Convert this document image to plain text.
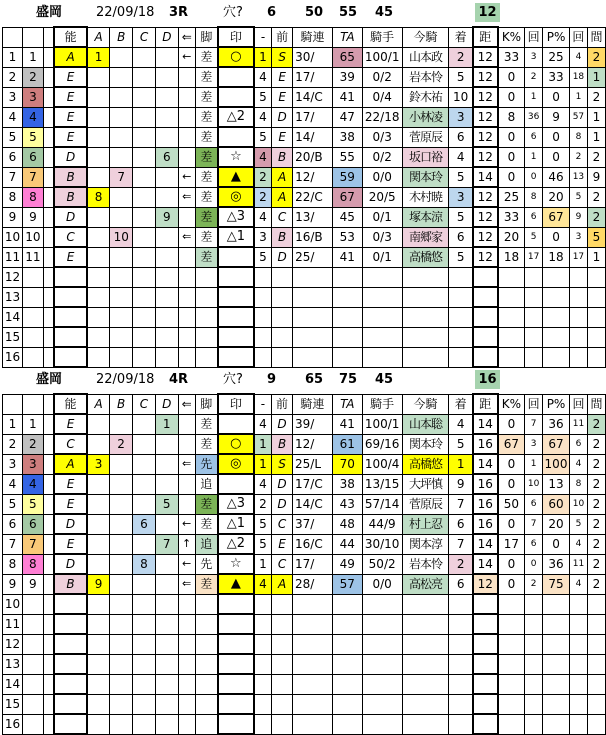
盛岡	22/09/18 3R	穴? 6	50	55	45	12
			能	A	B	C	D	⇐	脚	印	-	前	騎連	TA	騎手	今騎	着	距	K%	回	P%	回	間
1	1		A	1				←	差	○	1	S	30/	65	100/1	山本政	2	12	33	3	25	4	2
2	2		E						差		4	E	17/	39	0/2	岩本怜	5	12	0	2	33	18	1
3	3		E						差		5	E	14/C	41	0/4	鈴木祐	10	12	0	1	0	1	2
4	4		E						差	△2	4	D	17/	47	22/18	小林凌	3	12	8	36	9	57	1
5	5		E						差		5	E	14/	38	0/3	菅原辰	6	12	0	6	0	8	1
6	6		D				6		差	☆	4	B	20/B	55	0/2	坂口裕	4	12	0	1	0	2	2
7	7		B		7			←	差	▲	2	A	12/	59	0/0	関本玲	5	14	0	0	46	13	9
8	8		B	8				⇐	差	◎	2	A	22/C	67	20/5	木村暁	3	12	25	8	20	5	2
9	9		D				9		差	△3	4	C	13/	45	0/1	塚本涼	5	12	33	6	67	9	2
10	10		C		10			⇐	差	△1	3	B	16/B	53	0/3	南郷家	6	12	20	5	0	3	5
11	11		E						差		5	D	25/	41	0/1	高橋悠	5	12	18	17	18	17	1
12																							
13																							
14																							
15																							
16																							
盛岡	22/09/18 4R	穴? 9	65	75	45	16
			能	A	B	C	D	⇐	脚	印	-	前	騎連	TA	騎手	今騎	着	距	K%	回	P%	回	間
1	1		E				1		差		4	D	39/	41	100/1	山本聡	4	14	0	7	36	11	2
2	2		C		2				差	○	1	B	12/	61	69/16	関本玲	5	16	67	3	67	6	2
3	3		A	3				⇐	先	◎	1	S	25/L	70	100/4	高橋悠	1	14	0	1	100	4	2
4	4		E						追		4	D	17/C	38	13/15	大坪慎	9	16	0	10	13	8	2
5	5		E				5		差	△3	2	D	14/C	43	57/14	菅原辰	7	16	50	6	60	10	2
6	6		D			6		←	差	△1	5	C	37/	48	44/9	村上忍	6	16	0	7	20	5	2
7	7		E				7	↑	追	△2	5	E	16/C	44	30/10	関本淳	7	14	17	6	0	4	2
8	8		D			8		←	先	☆	1	C	17/	49	50/2	岩本怜	2	14	0	0	36	11	2
9	9		B	9				⇐	差	▲	4	A	28/	57	0/0	高松亮	6	12	0	2	75	4	2
10																							
11																							
12																							
13																							
14																							
15																							
16																							
